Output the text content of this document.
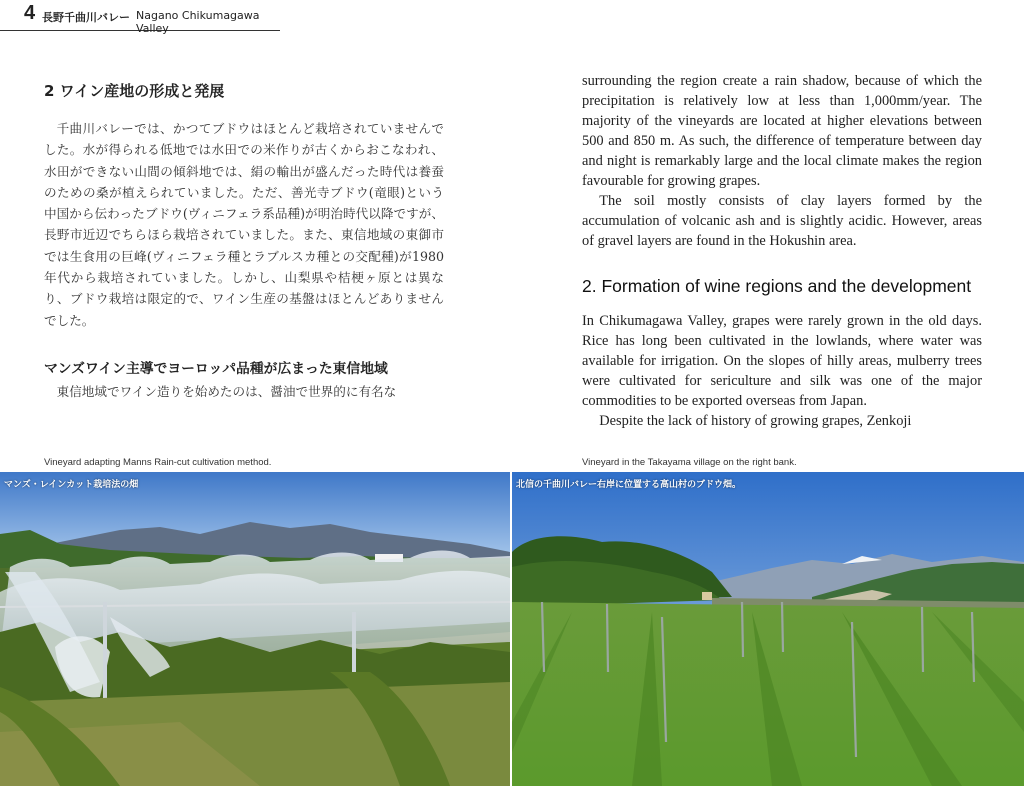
4 長野千曲川バレー Nagano Chikumagawa Valley
2 ワイン産地の形成と発展
千曲川バレーでは、かつてブドウはほとんど栽培されていませんでした。水が得られる低地では水田での米作りが古くからおこなわれ、水田ができない山間の傾斜地では、絹の輸出が盛んだった時代は養蚕のための桑が植えられていました。ただ、善光寺ブドウ(竜眼)という中国から伝わったブドウ(ヴィニフェラ系品種)が明治時代以降ですが、長野市近辺でちらほら栽培されていました。また、東信地域の東御市では生食用の巨峰(ヴィニフェラ種とラブルスカ種との交配種)が1980年代から栽培されていました。しかし、山梨県や桔梗ヶ原とは異なり、ブドウ栽培は限定的で、ワイン生産の基盤はほとんどありませんでした。
マンズワイン主導でヨーロッパ品種が広まった東信地域
東信地域でワイン造りを始めたのは、醤油で世界的に有名な

surrounding the region create a rain shadow, because of which the precipitation is relatively low at less than 1,000mm/year. The majority of the vineyards are located at higher elevations between 500 and 850 m. As such, the difference of temperature between day and night is remarkably large and the local climate makes the region favourable for growing grapes.

The soil mostly consists of clay layers formed by the accumulation of volcanic ash and is slightly acidic. However, areas of gravel layers are found in the Hokushin area.

2. Formation of wine regions and the development

In Chikumagawa Valley, grapes were rarely grown in the old days. Rice has long been cultivated in the lowlands, where water was available for irrigation. On the slopes of hilly areas, mulberry trees were cultivated for sericulture and silk was one of the major commodities to be exported overseas from Japan.

Despite the lack of history of growing grapes, Zenkoji

Vineyard adapting Manns Rain-cut cultivation method.	Vineyard in the Takayama village on the right bank.
マンズ・レインカット栽培法の畑	北信の千曲川バレー右岸に位置する高山村のブドウ畑。
